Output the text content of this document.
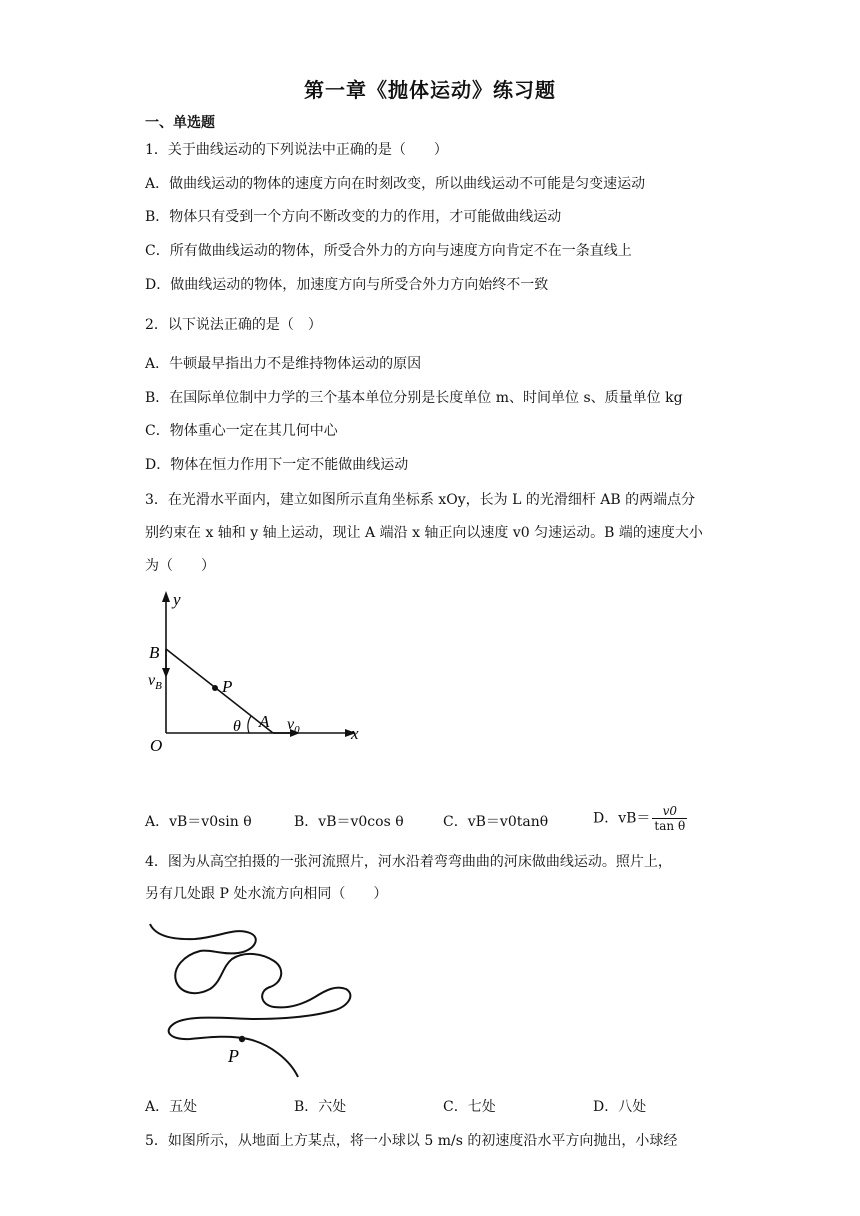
第一章《抛体运动》练习题
一、单选题
1．关于曲线运动的下列说法中正确的是（　　）
A．做曲线运动的物体的速度方向在时刻改变，所以曲线运动不可能是匀变速运动
B．物体只有受到一个方向不断改变的力的作用，才可能做曲线运动
C．所有做曲线运动的物体，所受合外力的方向与速度方向肯定不在一条直线上
D．做曲线运动的物体，加速度方向与所受合外力方向始终不一致
2．以下说法正确的是（　）
A．牛顿最早指出力不是维持物体运动的原因
B．在国际单位制中力学的三个基本单位分别是长度单位 m、时间单位 s、质量单位 kg
C．物体重心一定在其几何中心
D．物体在恒力作用下一定不能做曲线运动
3．在光滑水平面内，建立如图所示直角坐标系 xOy，长为 L 的光滑细杆 AB 的两端点分
别约束在 x 轴和 y 轴上运动，现让 A 端沿 x 轴正向以速度 v0 匀速运动。B 端的速度大小
为（　　）
y
x
O
B
$v_B$	P
θ A $v_0$
A．vB＝v0sin θ	B．vB＝v0cos θ	C．vB＝v0tanθ	D．$vB= \frac{v0}{\text{tan θ}}$
4．图为从高空拍摄的一张河流照片，河水沿着弯弯曲曲的河床做曲线运动。照片上，
另有几处跟 P 处水流方向相同（　　）
P
A．五处	B．六处	C．七处	D．八处
5．如图所示，从地面上方某点，将一小球以 5 m/s 的初速度沿水平方向抛出，小球经
